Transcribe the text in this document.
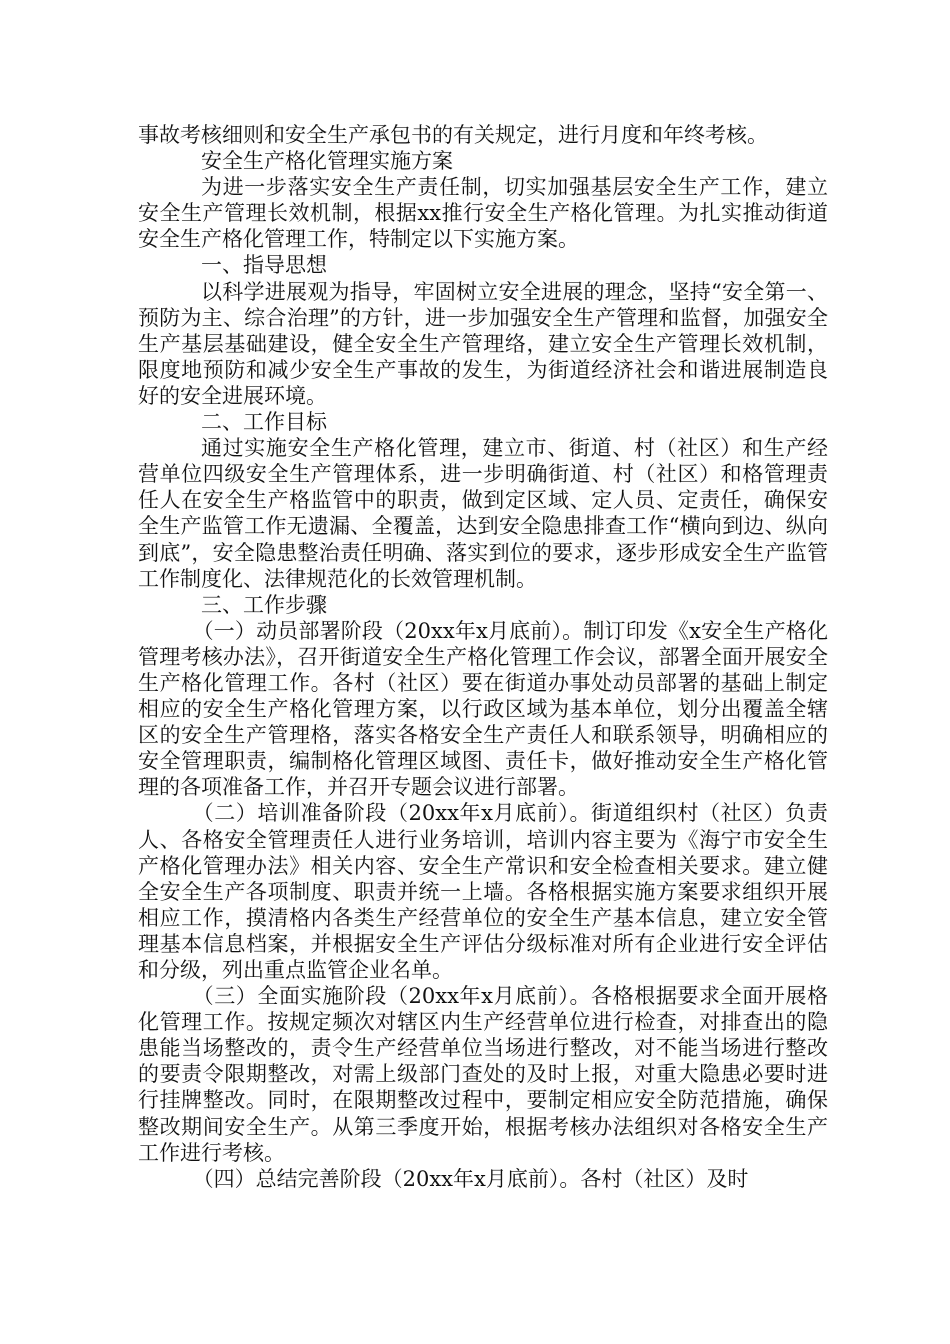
事故考核细则和安全生产承包书的有关规定，进行月度和年终考核。

安全生产格化管理实施方案

为进一步落实安全生产责任制，切实加强基层安全生产工作，建立安全生产管理长效机制，根据xx推行安全生产格化管理。为扎实推动街道安全生产格化管理工作，特制定以下实施方案。

一、指导思想

以科学进展观为指导，牢固树立安全进展的理念，坚持“安全第一、预防为主、综合治理”的方针，进一步加强安全生产管理和监督，加强安全生产基层基础建设，健全安全生产管理络，建立安全生产管理长效机制，限度地预防和减少安全生产事故的发生，为街道经济社会和谐进展制造良好的安全进展环境。

二、工作目标

通过实施安全生产格化管理，建立市、街道、村（社区）和生产经营单位四级安全生产管理体系，进一步明确街道、村（社区）和格管理责任人在安全生产格监管中的职责，做到定区域、定人员、定责任，确保安全生产监管工作无遗漏、全覆盖，达到安全隐患排查工作“横向到边、纵向到底”，安全隐患整治责任明确、落实到位的要求，逐步形成安全生产监管工作制度化、法律规范化的长效管理机制。

三、工作步骤

（一）动员部署阶段（20xx年x月底前）。制订印发《x安全生产格化管理考核办法》，召开街道安全生产格化管理工作会议，部署全面开展安全生产格化管理工作。各村（社区）要在街道办事处动员部署的基础上制定相应的安全生产格化管理方案，以行政区域为基本单位，划分出覆盖全辖区的安全生产管理格，落实各格安全生产责任人和联系领导，明确相应的安全管理职责，编制格化管理区域图、责任卡，做好推动安全生产格化管理的各项准备工作，并召开专题会议进行部署。

（二）培训准备阶段（20xx年x月底前）。街道组织村（社区）负责人、各格安全管理责任人进行业务培训，培训内容主要为《海宁市安全生产格化管理办法》相关内容、安全生产常识和安全检查相关要求。建立健全安全生产各项制度、职责并统一上墙。各格根据实施方案要求组织开展相应工作，摸清格内各类生产经营单位的安全生产基本信息，建立安全管理基本信息档案，并根据安全生产评估分级标准对所有企业进行安全评估和分级，列出重点监管企业名单。

（三）全面实施阶段（20xx年x月底前）。各格根据要求全面开展格化管理工作。按规定频次对辖区内生产经营单位进行检查，对排查出的隐患能当场整改的，责令生产经营单位当场进行整改，对不能当场进行整改的要责令限期整改，对需上级部门查处的及时上报，对重大隐患必要时进行挂牌整改。同时，在限期整改过程中，要制定相应安全防范措施，确保整改期间安全生产。从第三季度开始，根据考核办法组织对各格安全生产工作进行考核。

（四）总结完善阶段（20xx年x月底前）。各村（社区）及时
